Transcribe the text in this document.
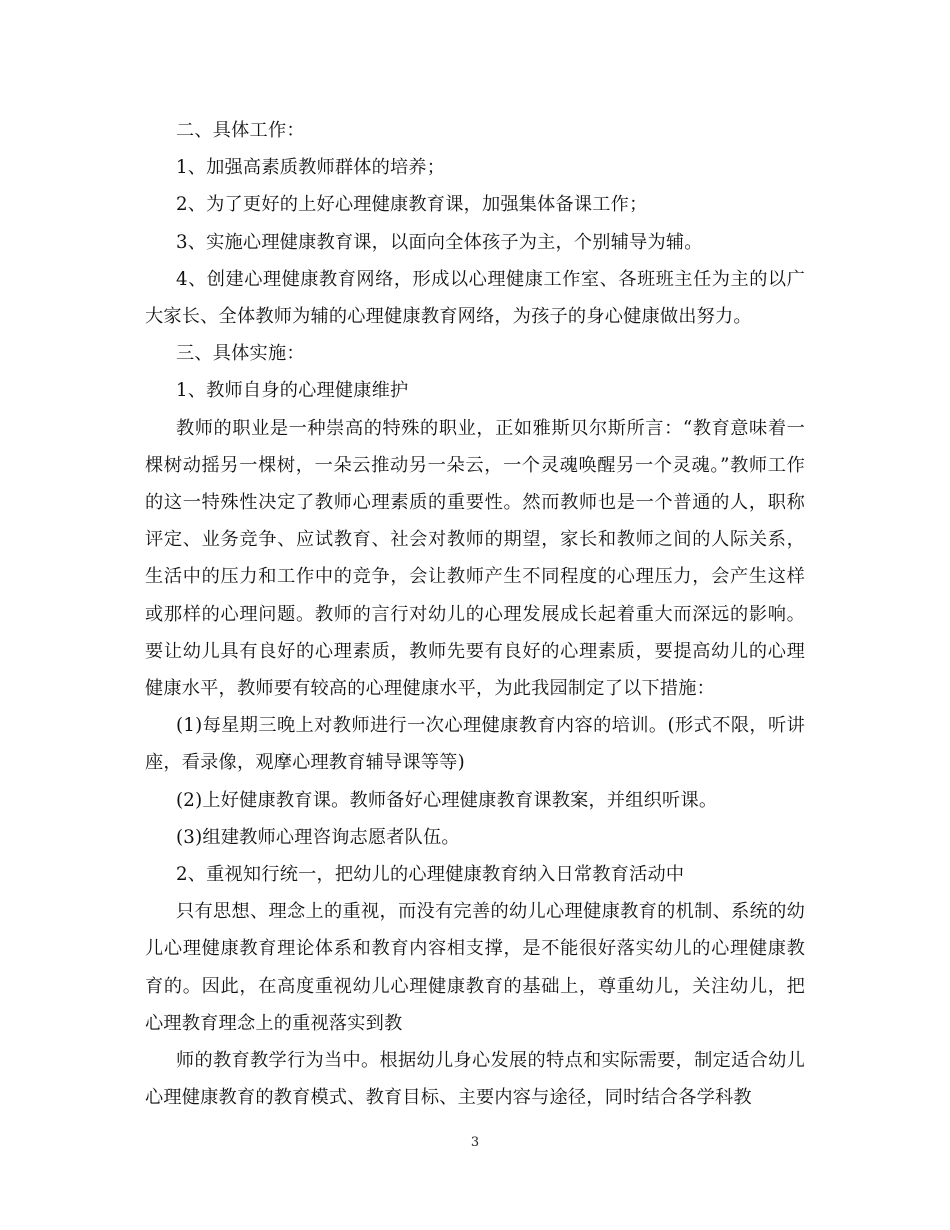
二、具体工作：

1、加强高素质教师群体的培养；

2、为了更好的上好心理健康教育课，加强集体备课工作；

3、实施心理健康教育课，以面向全体孩子为主，个别辅导为辅。

4、创建心理健康教育网络，形成以心理健康工作室、各班班主任为主的以广大家长、全体教师为辅的心理健康教育网络，为孩子的身心健康做出努力。

三、具体实施：

1、教师自身的心理健康维护

教师的职业是一种崇高的特殊的职业，正如雅斯贝尔斯所言：“教育意味着一棵树动摇另一棵树，一朵云推动另一朵云，一个灵魂唤醒另一个灵魂。”教师工作的这一特殊性决定了教师心理素质的重要性。然而教师也是一个普通的人，职称评定、业务竞争、应试教育、社会对教师的期望，家长和教师之间的人际关系，生活中的压力和工作中的竞争，会让教师产生不同程度的心理压力，会产生这样或那样的心理问题。教师的言行对幼儿的心理发展成长起着重大而深远的影响。要让幼儿具有良好的心理素质，教师先要有良好的心理素质，要提高幼儿的心理健康水平，教师要有较高的心理健康水平，为此我园制定了以下措施：

(1)每星期三晚上对教师进行一次心理健康教育内容的培训。(形式不限，听讲座，看录像，观摩心理教育辅导课等等)

(2)上好健康教育课。教师备好心理健康教育课教案，并组织听课。

(3)组建教师心理咨询志愿者队伍。

2、重视知行统一，把幼儿的心理健康教育纳入日常教育活动中

只有思想、理念上的重视，而没有完善的幼儿心理健康教育的机制、系统的幼儿心理健康教育理论体系和教育内容相支撑，是不能很好落实幼儿的心理健康教育的。因此，在高度重视幼儿心理健康教育的基础上，尊重幼儿，关注幼儿，把心理教育理念上的重视落实到教

师的教育教学行为当中。根据幼儿身心发展的特点和实际需要，制定适合幼儿心理健康教育的教育模式、教育目标、主要内容与途径，同时结合各学科教

3
